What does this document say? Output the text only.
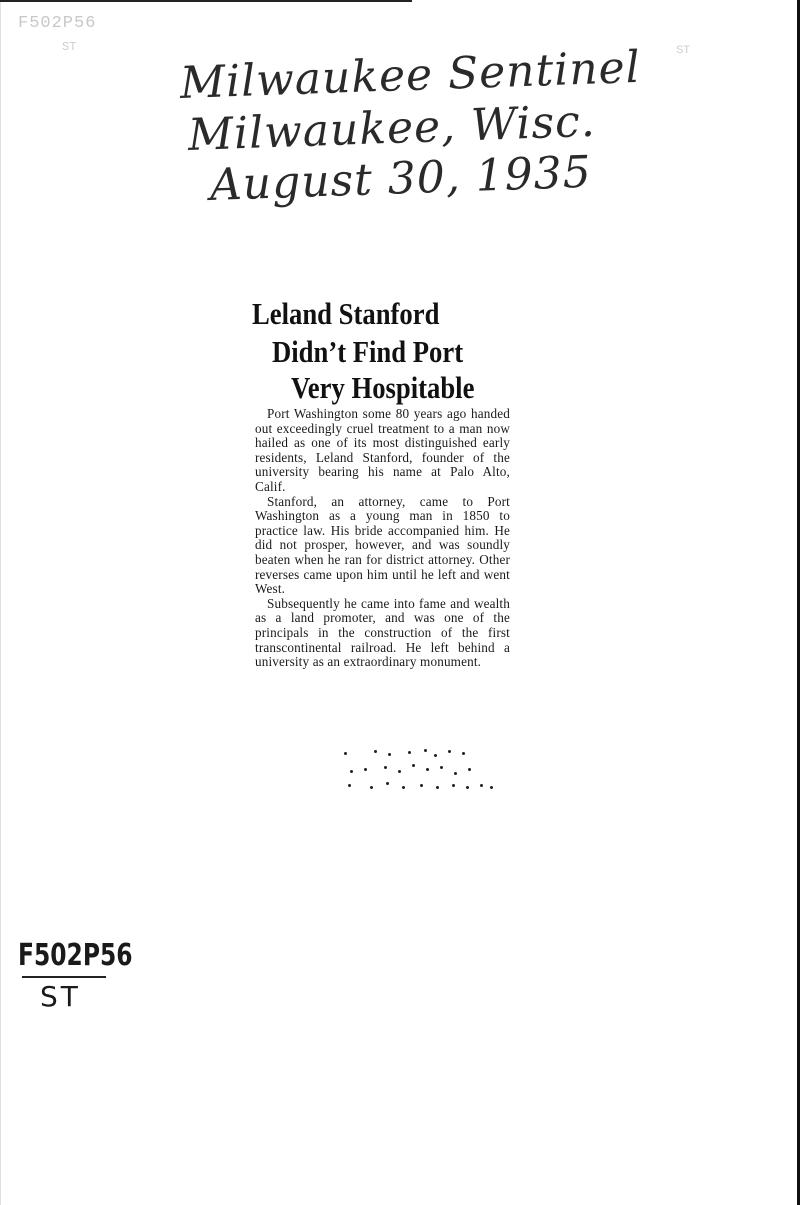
F502P56
ST	ST
Milwaukee Sentinel
Milwaukee, Wisc.
August 30, 1935
Leland Stanford
Didn’t Find Port
Very Hospitable

Port Washington some 80 years ago handed out exceedingly cruel treatment to a man now hailed as one of its most distinguished early residents, Leland Stanford, founder of the university bearing his name at Palo Alto, Calif.

Stanford, an attorney, came to Port Washington as a young man in 1850 to practice law. His bride accompanied him. He did not prosper, however, and was soundly beaten when he ran for district attorney. Other reverses came upon him until he left and went West.

Subsequently he came into fame and wealth as a land promoter, and was one of the principals in the construction of the first transcontinental railroad. He left behind a university as an extraordinary monument.

F502P56
ST
